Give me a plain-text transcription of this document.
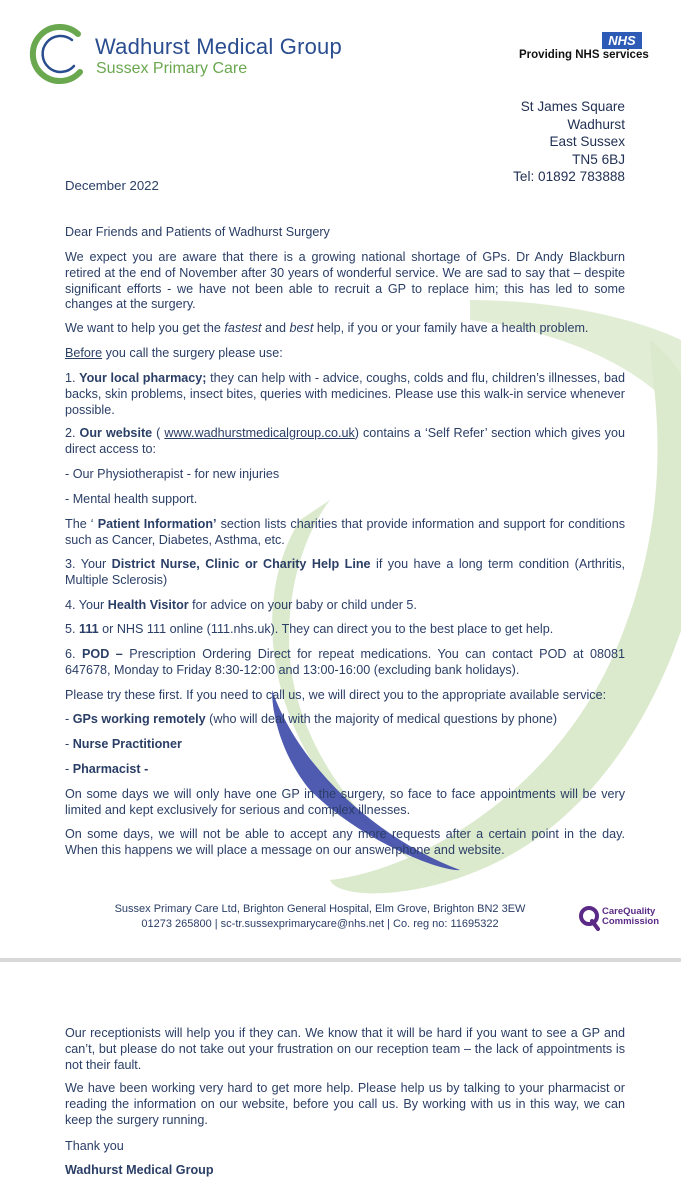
Wadhurst Medical Group
Sussex Primary Care
NHS
Providing NHS services
St James Square
Wadhurst
East Sussex
TN5 6BJ
Tel: 01892 783888

December 2022

Dear Friends and Patients of Wadhurst Surgery

We expect you are aware that there is a growing national shortage of GPs. Dr Andy Blackburn retired at the end of November after 30 years of wonderful service. We are sad to say that – despite significant efforts - we have not been able to recruit a GP to replace him; this has led to some changes at the surgery.

We want to help you get the fastest and best help, if you or your family have a health problem.

Before you call the surgery please use:

1. Your local pharmacy; they can help with - advice, coughs, colds and flu, children’s illnesses, bad backs, skin problems, insect bites, queries with medicines. Please use this walk-in service whenever possible.

2. Our website ( www.wadhurstmedicalgroup.co.uk) contains a ‘Self Refer’ section which gives you direct access to:

- Our Physiotherapist - for new injuries

- Mental health support.

The ‘ Patient Information’ section lists charities that provide information and support for conditions such as Cancer, Diabetes, Asthma, etc.

3. Your District Nurse, Clinic or Charity Help Line if you have a long term condition (Arthritis, Multiple Sclerosis)

4. Your Health Visitor for advice on your baby or child under 5.

5. 111 or NHS 111 online (111.nhs.uk). They can direct you to the best place to get help.

6. POD – Prescription Ordering Direct for repeat medications. You can contact POD at 08081 647678, Monday to Friday 8:30-12:00 and 13:00-16:00 (excluding bank holidays).

Please try these first. If you need to call us, we will direct you to the appropriate available service:

- GPs working remotely (who will deal with the majority of medical questions by phone)

- Nurse Practitioner

- Pharmacist -

On some days we will only have one GP in the surgery, so face to face appointments will be very limited and kept exclusively for serious and complex illnesses.

On some days, we will not be able to accept any more requests after a certain point in the day. When this happens we will place a message on our answerphone and website.

Sussex Primary Care Ltd, Brighton General Hospital, Elm Grove, Brighton BN2 3EW
01273 265800 | sc-tr.sussexprimarycare@nhs.net | Co. reg no: 11695322
CareQuality
Commission

Our receptionists will help you if they can. We know that it will be hard if you want to see a GP and can’t, but please do not take out your frustration on our reception team – the lack of appointments is not their fault.

We have been working very hard to get more help. Please help us by talking to your pharmacist or reading the information on our website, before you call us. By working with us in this way, we can keep the surgery running.

Thank you

Wadhurst Medical Group
